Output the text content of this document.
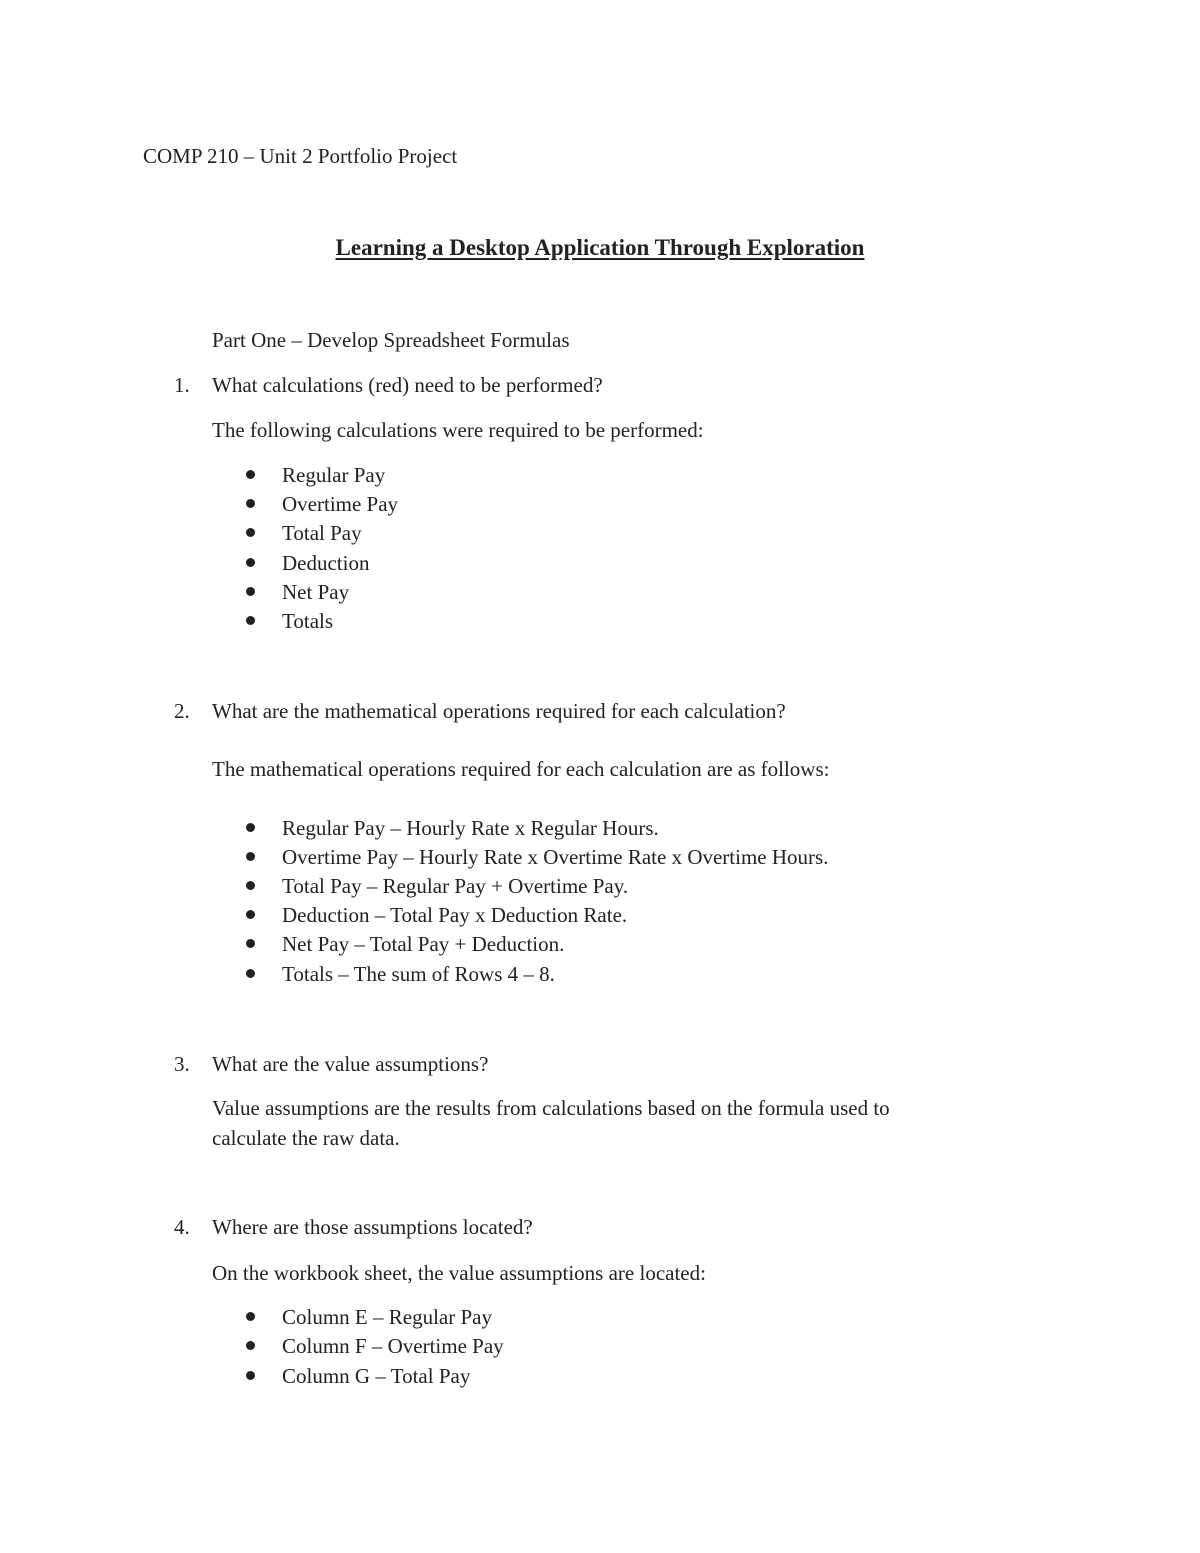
COMP 210 – Unit 2 Portfolio Project
Learning a Desktop Application Through Exploration
Part One – Develop Spreadsheet Formulas
1. What calculations (red) need to be performed?
The following calculations were required to be performed:
Regular Pay
Overtime Pay
Total Pay
Deduction
Net Pay
Totals
2. What are the mathematical operations required for each calculation?
The mathematical operations required for each calculation are as follows:
Regular Pay – Hourly Rate x Regular Hours.
Overtime Pay – Hourly Rate x Overtime Rate x Overtime Hours.
Total Pay – Regular Pay + Overtime Pay.
Deduction – Total Pay x Deduction Rate.
Net Pay – Total Pay + Deduction.
Totals – The sum of Rows 4 – 8.
3. What are the value assumptions?
Value assumptions are the results from calculations based on the formula used to
calculate the raw data.
4. Where are those assumptions located?
On the workbook sheet, the value assumptions are located:
Column E – Regular Pay
Column F – Overtime Pay
Column G – Total Pay
